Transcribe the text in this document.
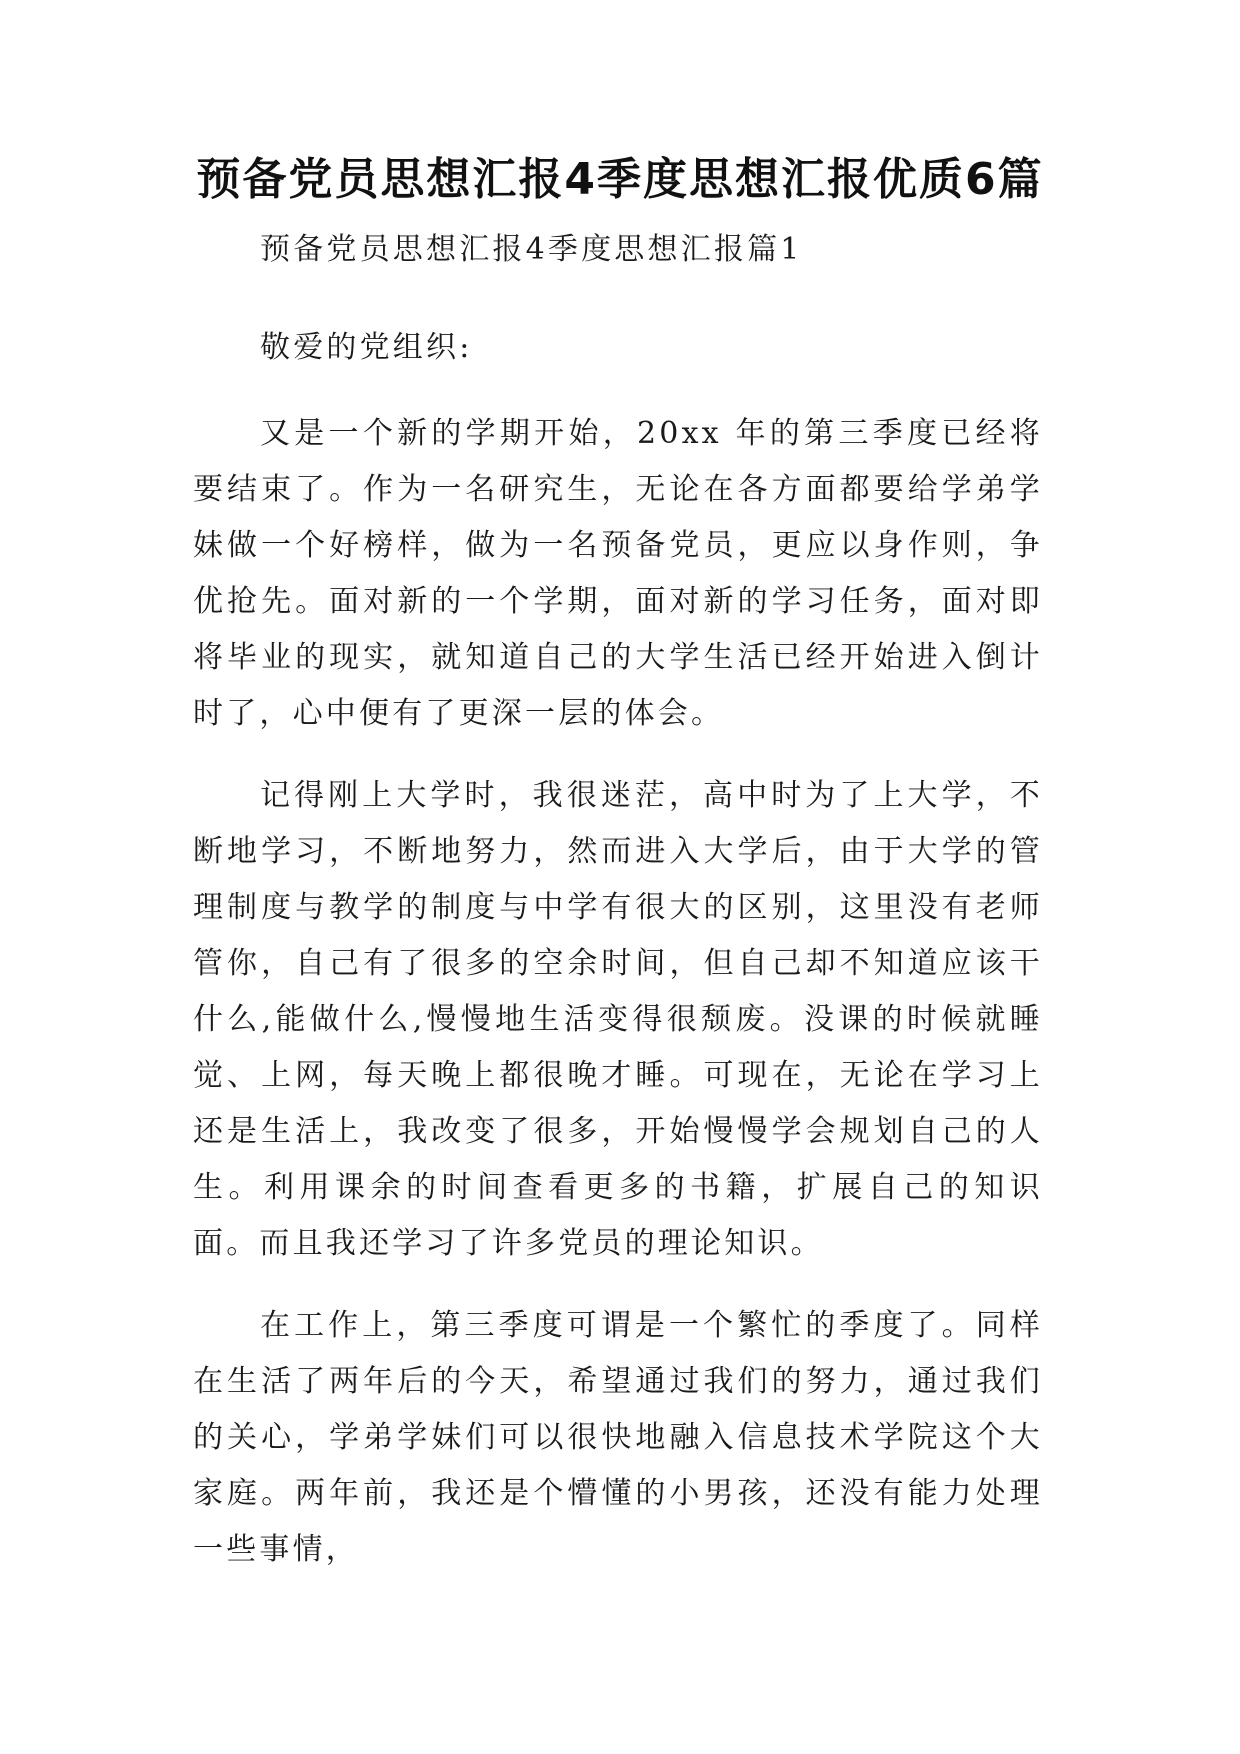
预备党员思想汇报4季度思想汇报优质6篇

预备党员思想汇报4季度思想汇报篇1

敬爱的党组织:

又是一个新的学期开始，20xx 年的第三季度已经将要结束了。作为一名研究生，无论在各方面都要给学弟学妹做一个好榜样，做为一名预备党员，更应以身作则，争优抢先。面对新的一个学期，面对新的学习任务，面对即将毕业的现实，就知道自己的大学生活已经开始进入倒计时了，心中便有了更深一层的体会。

记得刚上大学时，我很迷茫，高中时为了上大学，不断地学习，不断地努力，然而进入大学后，由于大学的管理制度与教学的制度与中学有很大的区别，这里没有老师管你，自己有了很多的空余时间，但自己却不知道应该干什么,能做什么,慢慢地生活变得很颓废。没课的时候就睡觉、上网，每天晚上都很晚才睡。可现在，无论在学习上还是生活上，我改变了很多，开始慢慢学会规划自己的人生。利用课余的时间查看更多的书籍，扩展自己的知识面。而且我还学习了许多党员的理论知识。

在工作上，第三季度可谓是一个繁忙的季度了。同样在生活了两年后的今天，希望通过我们的努力，通过我们的关心，学弟学妹们可以很快地融入信息技术学院这个大家庭。两年前，我还是个懵懂的小男孩，还没有能力处理一些事情，
